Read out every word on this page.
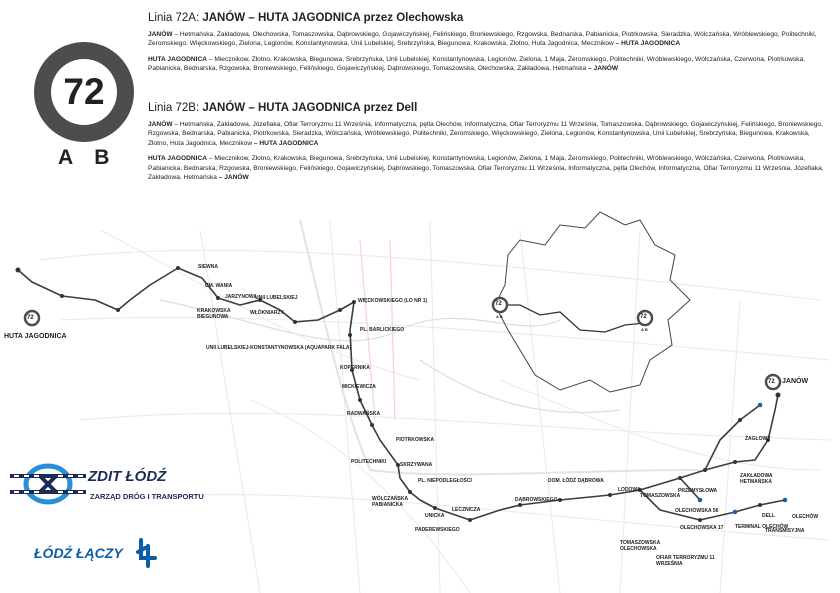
72
A B	72
A B
72
72
HUTA JAGODNICA
JANÓW
SIEWNA
CM. WANIA
JARZYNOWA
UNII LUBELSKIEJ
KRAKOWSKA BIEGUNOWA
WŁÓKNIARZY
UNII LUBELSKIEJ-KONSTANTYNOWSKA (AQUAPARK FALA)
WIĘCKOWSKIEGO (LO NR 1)
PL. BARLICKIEGO
KOPERNIKA
MICKIEWICZA
RADWAŃSKA
PIOTRKOWSKA
POLITECHNIKI	SKRZYWANA
PL. NIEPODLEGŁOŚCI
WÓLCZAŃSKA PABIANICKA
LECZNICZA
PADEREWSKIEGO
DĄBROWSKIEGO
DOM. ŁÓDŹ DĄBROWA
LODOWA
TOMASZOWSKA
PRZEMYSŁOWA
OLECHOWSKA 56
OLECHOWSKA 17 TERMINAL OLECHÓW
TRANSMISYJNA
ŻAGLOWY
ZAKŁADOWA HETMAŃSKA
OFIAR TERRORYZMU 11 WRZEŚNIA
TOMASZOWSKA OLECHOWSKA
DELL	OLECHÓW
UNICKA
72
A B
Linia 72A: JANÓW – HUTA JAGODNICA przez Olechowska
JANÓW – Hetmańska, Zakładowa, Olechowska, Tomaszowska, Dąbrowskiego, Gojawiczyńskiej, Felińskiego, Broniewskiego, Rzgowska, Bednarska, Pabianicka, Piotrkowska, Sieradzka, Wólczańska, Wróblewskiego, Politechniki, Żeromskiego, Więckowskiego, Zielona, Legionów, Konstantynowska, Unii Lubelskiej, Srebrzyńska, Biegunowa, Krakowska, Złotno, Huta Jagodnica, Mecznikow – HUTA JAGODNICA
HUTA JAGODNICA – Miecznikow, Złotno, Krakowska, Biegunowa, Srebrzyńska, Unii Lubelskiej, Konstantynowska, Legionów, Zielona, 1 Maja, Żeromskiego, Politechniki, Wróblewskiego, Wólczańska, Czerwona, Piotrkowska, Pabianicka, Bednarska, Rzgowska, Broniewskiego, Felińskiego, Gojawiczyńskiej, Dąbrowskiego, Tomaszowska, Olechowska, Zakładowa, Hetmańska – JANÓW
Linia 72B: JANÓW – HUTA JAGODNICA przez Dell
JANÓW – Hetmańska, Zakładowa, Józefiaka, Ofiar Terroryzmu 11 Września, Informatyczna, pętla Olechów, Informatyczna, Ofiar Terroryzmu 11 Września, Tomaszowska, Dąbrowskiego, Gojawiczyńskiej, Felińskiego, Broniewskiego, Rzgowska, Bednarska, Pabianicka, Piotrkowska, Sieradzka, Wólczańska, Wróblewskiego, Politechniki, Żeromskiego, Więckowskiego, Zielona, Legionów, Konstantynowska, Unii Lubelskiej, Srebrzyńska, Biegunowa, Krakowska, Złotno, Huta Jagodnica, Mecznikow – HUTA JAGODNICA
HUTA JAGODNICA – Miecznikow, Złotno, Krakowska, Biegunowa, Srebrzyńska, Unii Lubelskiej, Konstantynowska, Legionów, Zielona, 1 Maja, Żeromskiego, Politechniki, Wróblewskiego, Wólczańska, Czerwona, Piotrkowska, Pabianicka, Bednarska, Rzgowska, Broniewskiego, Felińskiego, Gojawiczyńskiej, Dąbrowskiego, Tomaszowska, Ofiar Terroryzmu 11 Września, Informatyczna, pętla Olechów, Informatyczna, Ofiar Terroryzmu 11 Września, Józefiaka, Zakładowa, Hetmańska – JANÓW
ZDIT ŁÓDŹ
ZARZĄD DRÓG I TRANSPORTU
ŁÓDŹ ŁĄCZY
